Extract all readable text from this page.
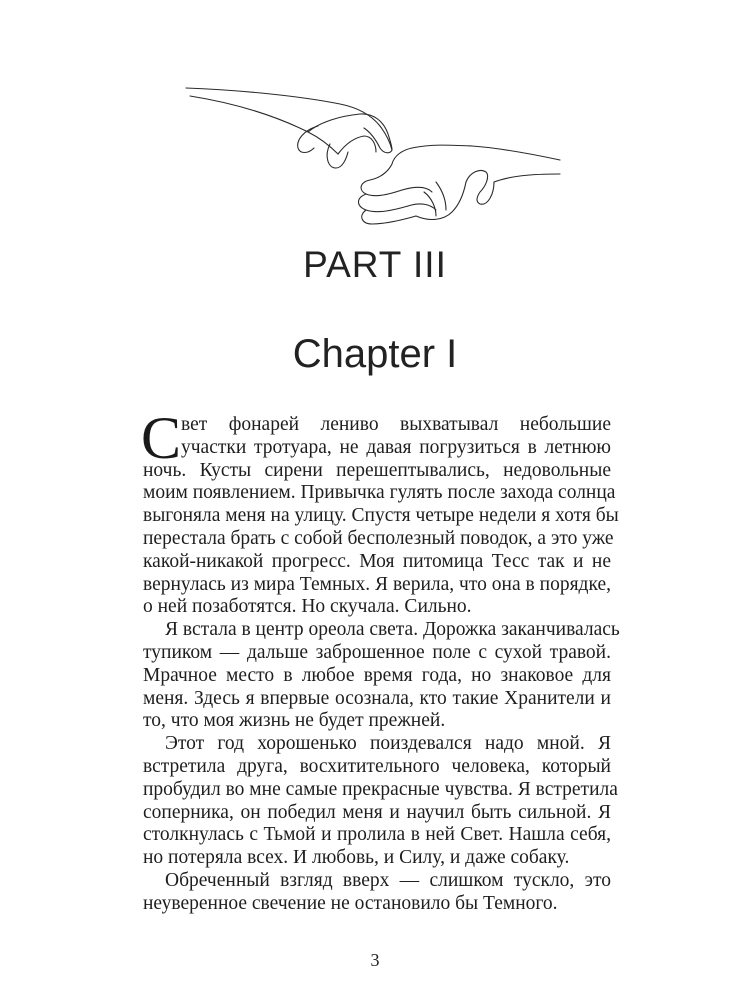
PART III
Chapter I
С вет фонарей лениво выхватывал небольшие
участки тротуара, не давая погрузиться в летнюю
ночь. Кусты сирени перешептывались, недовольные
моим появлением. Привычка гулять после захода солнца
выгоняла меня на улицу. Спустя четыре недели я хотя бы
перестала брать с собой бесполезный поводок, а это уже
какой-никакой прогресс. Моя питомица Тесс так и не
вернулась из мира Темных. Я верила, что она в порядке,
о ней позаботятся. Но скучала. Сильно.
Я встала в центр ореола света. Дорожка заканчивалась
тупиком — дальше заброшенное поле с сухой травой.
Мрачное место в любое время года, но знаковое для
меня. Здесь я впервые осознала, кто такие Хранители и
то, что моя жизнь не будет прежней.
Этот год хорошенько поиздевался надо мной. Я
встретила друга, восхитительного человека, который
пробудил во мне самые прекрасные чувства. Я встретила
соперника, он победил меня и научил быть сильной. Я
столкнулась с Тьмой и пролила в ней Свет. Нашла себя,
но потеряла всех. И любовь, и Силу, и даже собаку.
Обреченный взгляд вверх — слишком тускло, это
неуверенное свечение не остановило бы Темного.
3
